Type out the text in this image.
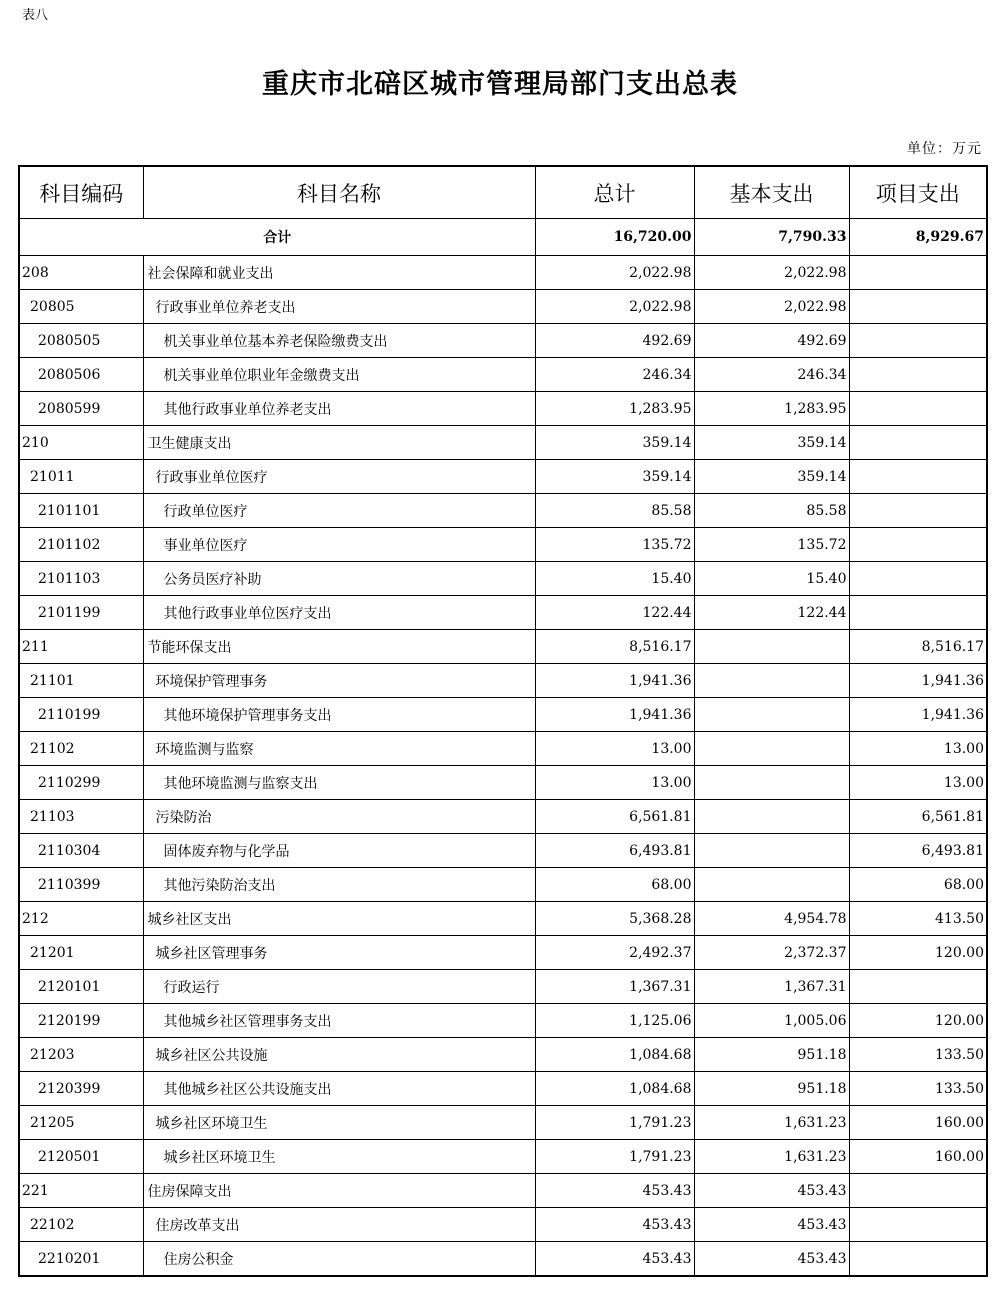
表八
重庆市北碚区城市管理局部门支出总表
单位：万元
科目编码	科目名称	总计	基本支出	项目支出
合计		16,720.00	7,790.33	8,929.67
208	社会保障和就业支出	2,022.98	2,022.98	
20805	行政事业单位养老支出	2,022.98	2,022.98	
2080505	机关事业单位基本养老保险缴费支出	492.69	492.69	
2080506	机关事业单位职业年金缴费支出	246.34	246.34	
2080599	其他行政事业单位养老支出	1,283.95	1,283.95	
210	卫生健康支出	359.14	359.14	
21011	行政事业单位医疗	359.14	359.14	
2101101	行政单位医疗	85.58	85.58	
2101102	事业单位医疗	135.72	135.72	
2101103	公务员医疗补助	15.40	15.40	
2101199	其他行政事业单位医疗支出	122.44	122.44	
211	节能环保支出	8,516.17		8,516.17
21101	环境保护管理事务	1,941.36		1,941.36
2110199	其他环境保护管理事务支出	1,941.36		1,941.36
21102	环境监测与监察	13.00		13.00
2110299	其他环境监测与监察支出	13.00		13.00
21103	污染防治	6,561.81		6,561.81
2110304	固体废弃物与化学品	6,493.81		6,493.81
2110399	其他污染防治支出	68.00		68.00
212	城乡社区支出	5,368.28	4,954.78	413.50
21201	城乡社区管理事务	2,492.37	2,372.37	120.00
2120101	行政运行	1,367.31	1,367.31	
2120199	其他城乡社区管理事务支出	1,125.06	1,005.06	120.00
21203	城乡社区公共设施	1,084.68	951.18	133.50
2120399	其他城乡社区公共设施支出	1,084.68	951.18	133.50
21205	城乡社区环境卫生	1,791.23	1,631.23	160.00
2120501	城乡社区环境卫生	1,791.23	1,631.23	160.00
221	住房保障支出	453.43	453.43	
22102	住房改革支出	453.43	453.43	
2210201	住房公积金	453.43	453.43	
